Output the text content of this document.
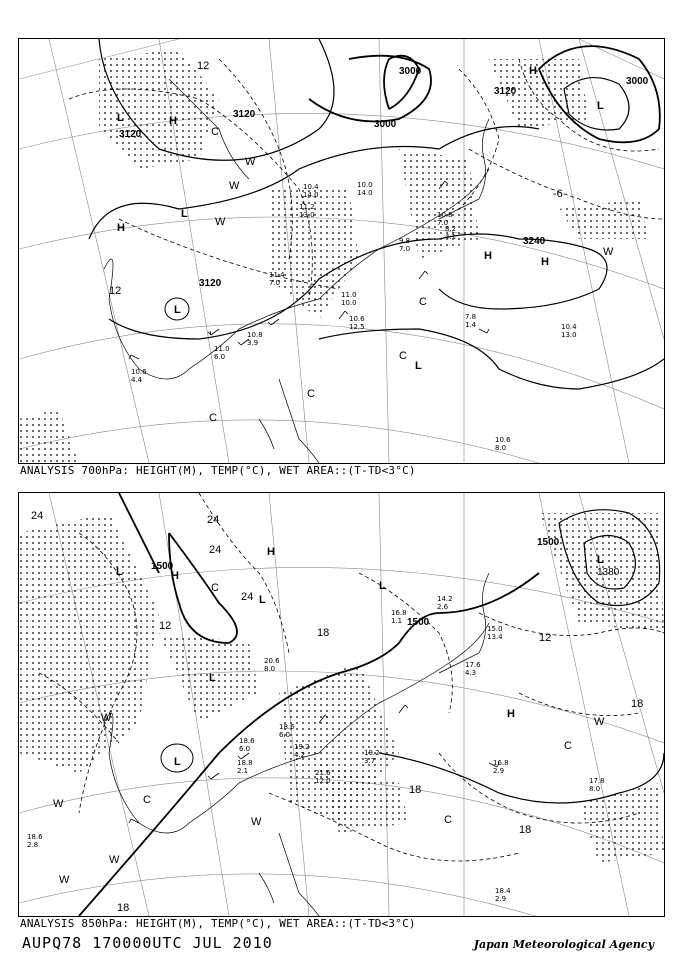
3120
3120
3000
3000
3000
3120
3240
3120
12
-6
12
H
H
H	H
H
L
L
L
L
L
C
C
C
C
C
W
W
W
W
11.0
6.0
10.8
3.9
10.4
14.0
11.2
13.0
11.4
7.0
11.0
10.0
10.6
12.5
7.8
1.4	10.4
13.0
10.6
8.0
10.6
4.4
9.8
7.0
10.0
14.0
8.2
4.1
10.8
7.0
ANALYSIS 700hPa: HEIGHT(M), TEMP(°C), WET AREA::(T-TD<3°C)
1500
1500
1500
1380
24	24
24
24
18
18
18
18
12
12
18
H
H
H
L
L
L
L
L
L
C
C
C
C
W
W
W
W
W
W
20.6
8.0
18.6
6.0	19.2
4.2
21.6
12.0
18.8
2.1
18.6
2.8
16.8
2.9
17.8
8.0
18.4
2.9
17.6
4.3
14.2
2.6
16.8
1.1
19.2
3.7
18.6
6.0
15.0
13.4
ANALYSIS 850hPa: HEIGHT(M), TEMP(°C), WET AREA::(T-TD<3°C)
AUPQ78 170000UTC JUL 2010	Japan Meteorological Agency
